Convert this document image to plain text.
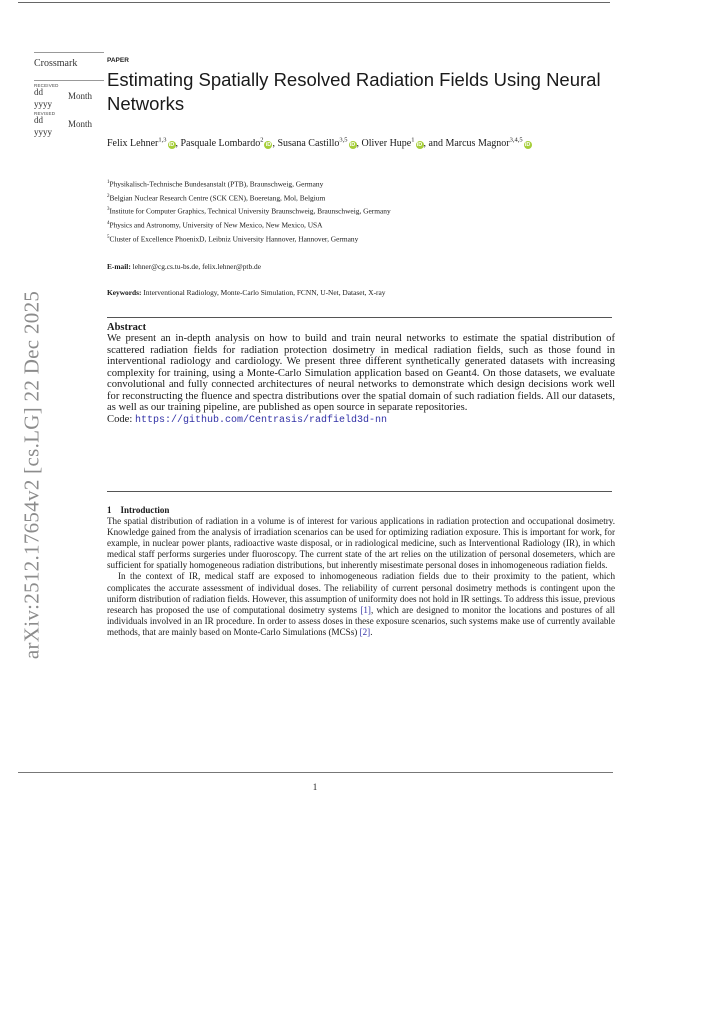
arXiv:2512.17654v2 [cs.LG] 22 Dec 2025
Crossmark
RECEIVED
dd	Month
yyyy
REVISED
dd	Month
yyyy
PAPER
Estimating Spatially Resolved Radiation Fields Using Neural Networks
Felix Lehner$^{1,3}$iD, Pasquale Lombardo$^2$iD, Susana Castillo$^{3,5}$iD, Oliver Hupe$^1$iD, and Marcus Magnor$^{3,4,5}$iD
$^1$Physikalisch-Technische Bundesanstalt (PTB), Braunschweig, Germany
$^2$Belgian Nuclear Research Centre (SCK CEN), Boeretang, Mol, Belgium
$^3$Institute for Computer Graphics, Technical University Braunschweig, Braunschweig, Germany
$^4$Physics and Astronomy, University of New Mexico, New Mexico, USA
$^5$Cluster of Excellence PhoenixD, Leibniz University Hannover, Hannover, Germany
E-mail: lehner@cg.cs.tu-bs.de, felix.lehner@ptb.de
Keywords: Interventional Radiology, Monte-Carlo Simulation, FCNN, U-Net, Dataset, X-ray
Abstract
We present an in-depth analysis on how to build and train neural networks to estimate the spatial distribution of scattered radiation fields for radiation protection dosimetry in medical radiation fields, such as those found in interventional radiology and cardiology. We present three different synthetically generated datasets with increasing complexity for training, using a Monte-Carlo Simulation application based on Geant4. On those datasets, we evaluate convolutional and fully connected architectures of neural networks to demonstrate which design decisions work well for reconstructing the fluence and spectra distributions over the spatial domain of such radiation fields. All our datasets, as well as our training pipeline, are published as open source in separate repositories.
Code: https://github.com/Centrasis/radfield3d-nn
1 Introduction

The spatial distribution of radiation in a volume is of interest for various applications in radiation protection and occupational dosimetry. Knowledge gained from the analysis of irradiation scenarios can be used for optimizing radiation exposure. This is important for work, for example, in nuclear power plants, radioactive waste disposal, or in radiological medicine, such as Interventional Radiology (IR), in which medical staff performs surgeries under fluoroscopy. The current state of the art relies on the utilization of personal dosemeters, which are sufficient for spatially homogeneous radiation distributions, but inherently misestimate personal doses in inhomogeneous radiation fields.

In the context of IR, medical staff are exposed to inhomogeneous radiation fields due to their proximity to the patient, which complicates the accurate assessment of individual doses. The reliability of current personal dosimetry methods is contingent upon the uniform distribution of radiation fields. However, this assumption of uniformity does not hold in IR settings. To address this issue, previous research has proposed the use of computational dosimetry systems [1], which are designed to monitor the locations and postures of all individuals involved in an IR procedure. In order to assess doses in these exposure scenarios, such systems make use of currently available methods, that are mainly based on Monte-Carlo Simulations (MCSs) [2].

1
